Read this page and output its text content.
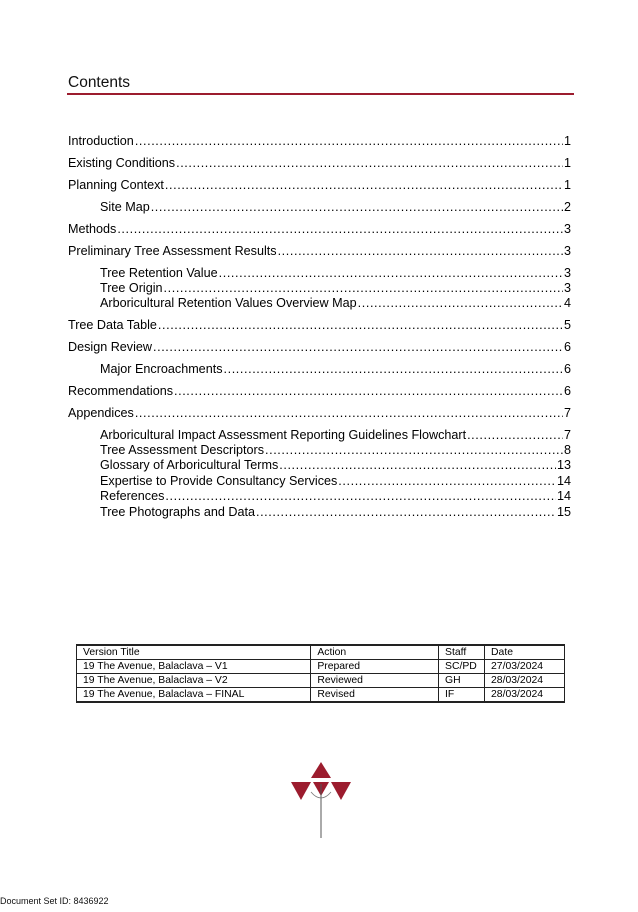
Contents
Introduction .....	1
Existing Conditions .....	1
Planning Context .....	1
Site Map .....	2
Methods .....	3
Preliminary Tree Assessment Results .....	3
Tree Retention Value .....	3
Tree Origin .....	3
Arboricultural Retention Values Overview Map .....	4
Tree Data Table .....	5
Design Review .....	6
Major Encroachments .....	6
Recommendations .....	6
Appendices .....	7
Arboricultural Impact Assessment Reporting Guidelines Flowchart .....	7
Tree Assessment Descriptors .....	8
Glossary of Arboricultural Terms .....	13
Expertise to Provide Consultancy Services .....	14
References .....	14
Tree Photographs and Data .....	15
Version Title	Action	Staff	Date
19 The Avenue, Balaclava – V1	Prepared	SC/PD	27/03/2024
19 The Avenue, Balaclava – V2	Reviewed	GH	28/03/2024
19 The Avenue, Balaclava – FINAL	Revised	IF	28/03/2024
Document Set ID: 8436922
